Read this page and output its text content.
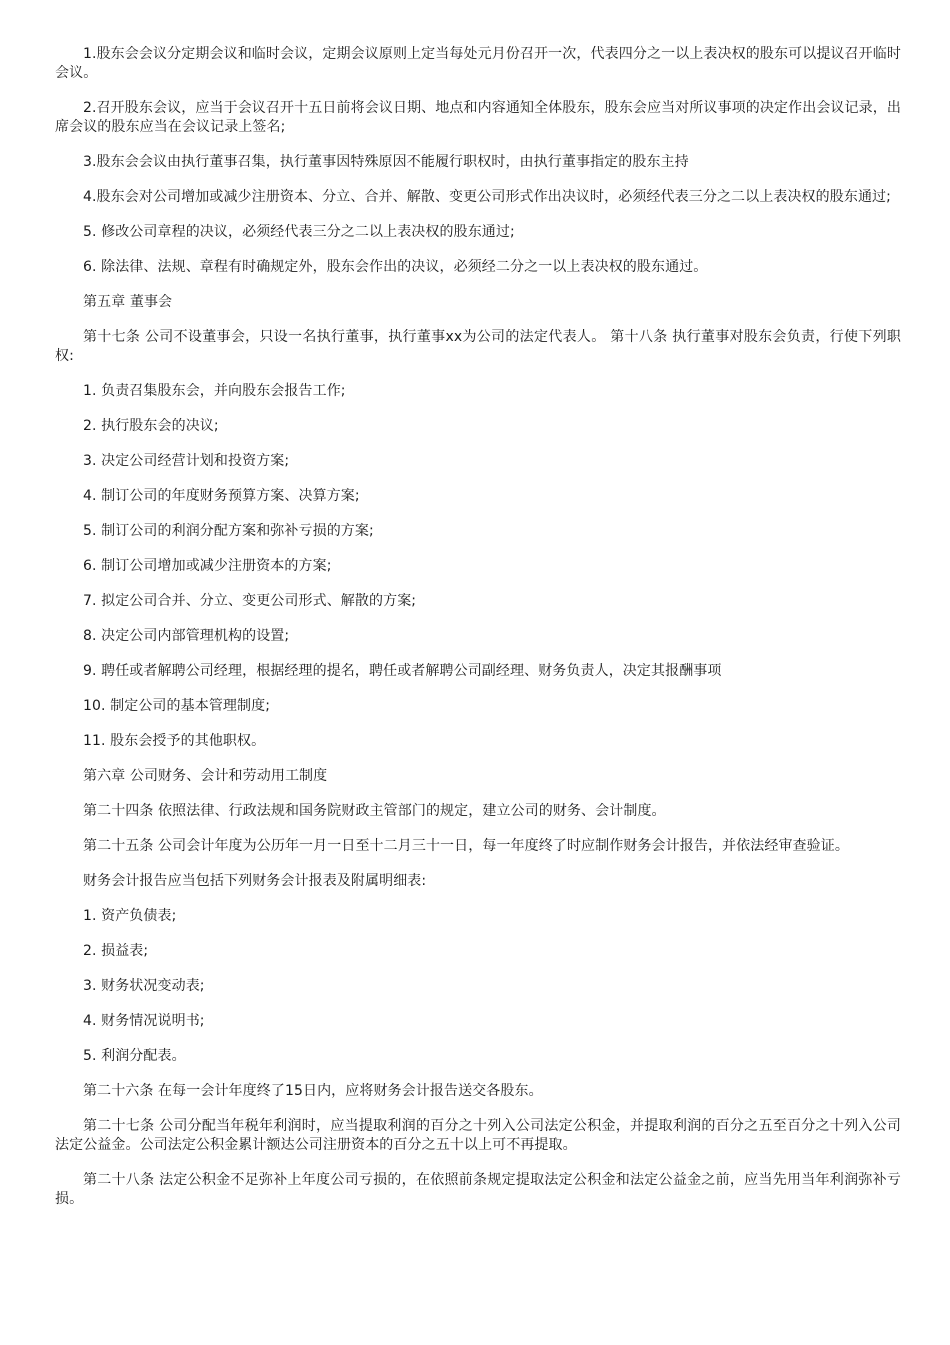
1.股东会会议分定期会议和临时会议，定期会议原则上定当每处元月份召开一次，代表四分之一以上表决权的股东可以提议召开临时会议。

2.召开股东会议，应当于会议召开十五日前将会议日期、地点和内容通知全体股东，股东会应当对所议事项的决定作出会议记录，出席会议的股东应当在会议记录上签名;

3.股东会会议由执行董事召集，执行董事因特殊原因不能履行职权时，由执行董事指定的股东主持

4.股东会对公司增加或减少注册资本、分立、合并、解散、变更公司形式作出决议时，必须经代表三分之二以上表决权的股东通过;

5. 修改公司章程的决议，必须经代表三分之二以上表决权的股东通过;

6. 除法律、法规、章程有时确规定外，股东会作出的决议，必须经二分之一以上表决权的股东通过。

第五章 董事会

第十七条 公司不设董事会，只设一名执行董事，执行董事xx为公司的法定代表人。 第十八条 执行董事对股东会负责，行使下列职权:

1. 负责召集股东会，并向股东会报告工作;

2. 执行股东会的决议;

3. 决定公司经营计划和投资方案;

4. 制订公司的年度财务预算方案、决算方案;

5. 制订公司的利润分配方案和弥补亏损的方案;

6. 制订公司增加或减少注册资本的方案;

7. 拟定公司合并、分立、变更公司形式、解散的方案;

8. 决定公司内部管理机构的设置;

9. 聘任或者解聘公司经理，根据经理的提名，聘任或者解聘公司副经理、财务负责人，决定其报酬事项

10. 制定公司的基本管理制度;

11. 股东会授予的其他职权。

第六章 公司财务、会计和劳动用工制度

第二十四条 依照法律、行政法规和国务院财政主管部门的规定，建立公司的财务、会计制度。

第二十五条 公司会计年度为公历年一月一日至十二月三十一日，每一年度终了时应制作财务会计报告，并依法经审查验证。

财务会计报告应当包括下列财务会计报表及附属明细表:

1. 资产负债表;

2. 损益表;

3. 财务状况变动表;

4. 财务情况说明书;

5. 利润分配表。

第二十六条 在每一会计年度终了15日内，应将财务会计报告送交各股东。

第二十七条 公司分配当年税年利润时，应当提取利润的百分之十列入公司法定公积金，并提取利润的百分之五至百分之十列入公司法定公益金。公司法定公积金累计额达公司注册资本的百分之五十以上可不再提取。

第二十八条 法定公积金不足弥补上年度公司亏损的，在依照前条规定提取法定公积金和法定公益金之前，应当先用当年利润弥补亏损。
